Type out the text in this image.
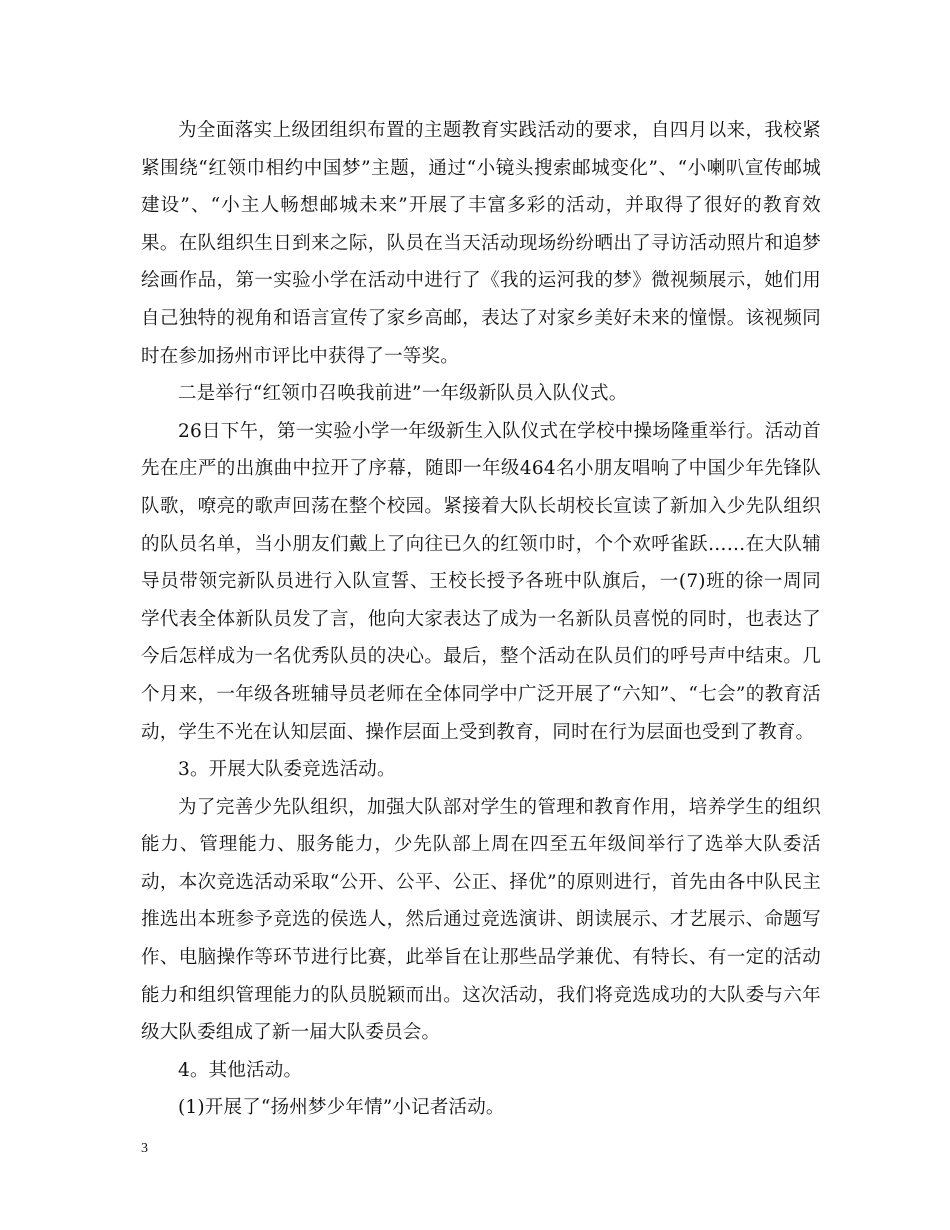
为全面落实上级团组织布置的主题教育实践活动的要求，自四月以来，我校紧紧围绕“红领巾相约中国梦”主题，通过“小镜头搜索邮城变化”、“小喇叭宣传邮城建设”、“小主人畅想邮城未来”开展了丰富多彩的活动，并取得了很好的教育效果。在队组织生日到来之际，队员在当天活动现场纷纷晒出了寻访活动照片和追梦绘画作品，第一实验小学在活动中进行了《我的运河我的梦》微视频展示，她们用自己独特的视角和语言宣传了家乡高邮，表达了对家乡美好未来的憧憬。该视频同时在参加扬州市评比中获得了一等奖。

二是举行“红领巾召唤我前进”一年级新队员入队仪式。

26日下午，第一实验小学一年级新生入队仪式在学校中操场隆重举行。活动首先在庄严的出旗曲中拉开了序幕，随即一年级464名小朋友唱响了中国少年先锋队队歌，嘹亮的歌声回荡在整个校园。紧接着大队长胡校长宣读了新加入少先队组织的队员名单，当小朋友们戴上了向往已久的红领巾时，个个欢呼雀跃……在大队辅导员带领完新队员进行入队宣誓、王校长授予各班中队旗后，一(7)班的徐一周同学代表全体新队员发了言，他向大家表达了成为一名新队员喜悦的同时，也表达了今后怎样成为一名优秀队员的决心。最后，整个活动在队员们的呼号声中结束。几个月来，一年级各班辅导员老师在全体同学中广泛开展了“六知”、“七会”的教育活动，学生不光在认知层面、操作层面上受到教育，同时在行为层面也受到了教育。

3。开展大队委竞选活动。

为了完善少先队组织，加强大队部对学生的管理和教育作用，培养学生的组织能力、管理能力、服务能力，少先队部上周在四至五年级间举行了选举大队委活动，本次竞选活动采取“公开、公平、公正、择优”的原则进行，首先由各中队民主推选出本班参予竞选的侯选人，然后通过竞选演讲、朗读展示、才艺展示、命题写作、电脑操作等环节进行比赛，此举旨在让那些品学兼优、有特长、有一定的活动能力和组织管理能力的队员脱颖而出。这次活动，我们将竞选成功的大队委与六年级大队委组成了新一届大队委员会。

4。其他活动。

(1)开展了“扬州梦少年情”小记者活动。

3
